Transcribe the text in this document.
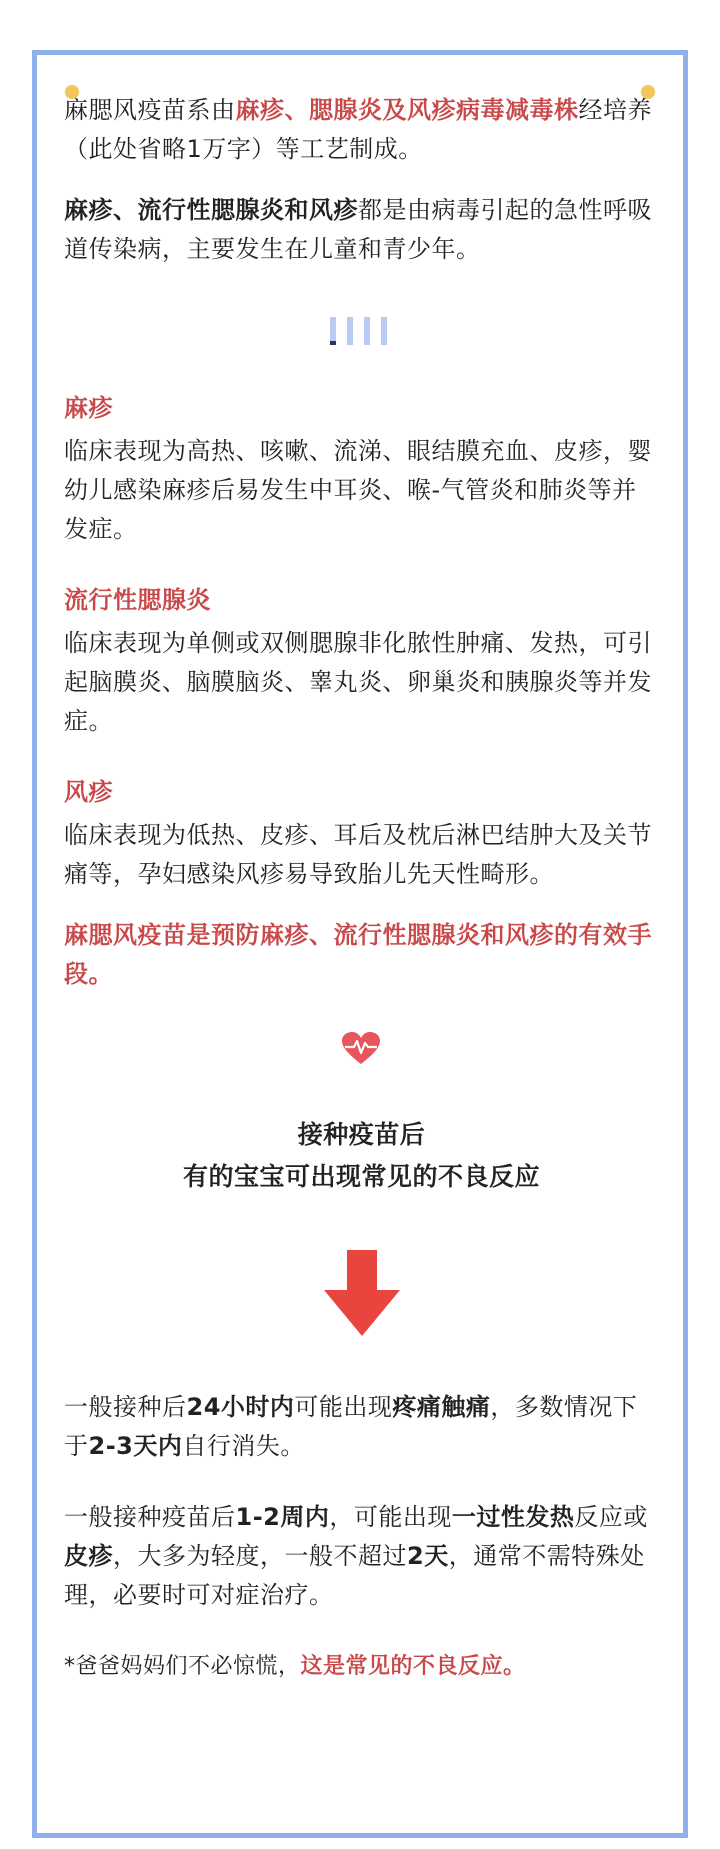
麻腮风疫苗系由麻疹、腮腺炎及风疹病毒减毒株经培养（此处省略1万字）等工艺制成。

麻疹、流行性腮腺炎和风疹都是由病毒引起的急性呼吸道传染病，主要发生在儿童和青少年。

麻疹

临床表现为高热、咳嗽、流涕、眼结膜充血、皮疹，婴幼儿感染麻疹后易发生中耳炎、喉-气管炎和肺炎等并发症。

流行性腮腺炎

临床表现为单侧或双侧腮腺非化脓性肿痛、发热，可引起脑膜炎、脑膜脑炎、睾丸炎、卵巢炎和胰腺炎等并发症。

风疹

临床表现为低热、皮疹、耳后及枕后淋巴结肿大及关节痛等，孕妇感染风疹易导致胎儿先天性畸形。

麻腮风疫苗是预防麻疹、流行性腮腺炎和风疹的有效手段。

接种疫苗后

有的宝宝可出现常见的不良反应

一般接种后24小时内可能出现疼痛触痛，多数情况下于2-3天内自行消失。

一般接种疫苗后1-2周内，可能出现一过性发热反应或皮疹，大多为轻度，一般不超过2天，通常不需特殊处理，必要时可对症治疗。

*爸爸妈妈们不必惊慌，这是常见的不良反应。
